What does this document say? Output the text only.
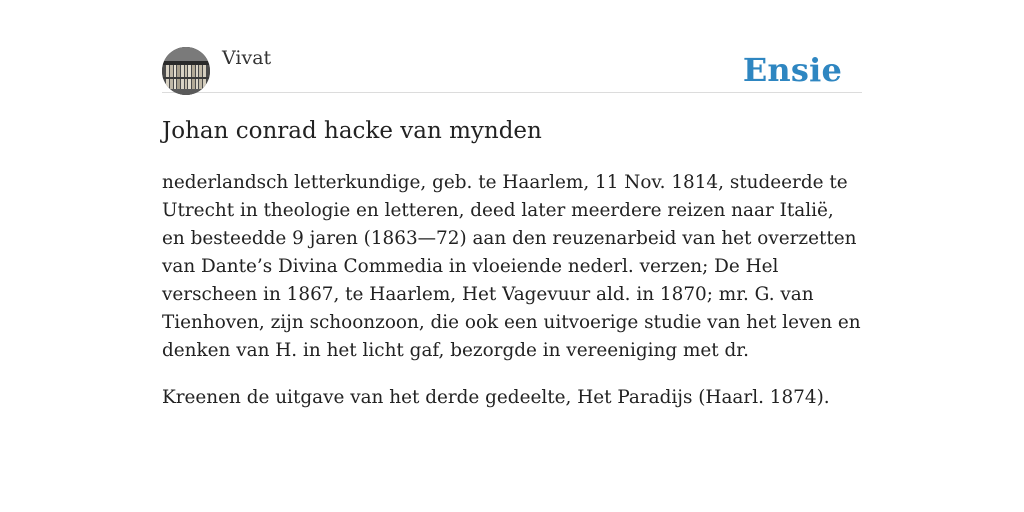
Vivat	Ensie
Johan conrad hacke van mynden

nederlandsch letterkundige, geb. te Haarlem, 11 Nov. 1814, studeerde te Utrecht in theologie en letteren, deed later meerdere reizen naar Italië, en besteedde 9 jaren (1863—72) aan den reuzenarbeid van het overzetten van Dante’s Divina Commedia in vloeiende nederl. verzen; De Hel verscheen in 1867, te Haarlem, Het Vagevuur ald. in 1870; mr. G. van Tienhoven, zijn schoonzoon, die ook een uitvoerige studie van het leven en denken van H. in het licht gaf, bezorgde in vereeniging met dr.

Kreenen de uitgave van het derde gedeelte, Het Paradijs (Haarl. 1874).
